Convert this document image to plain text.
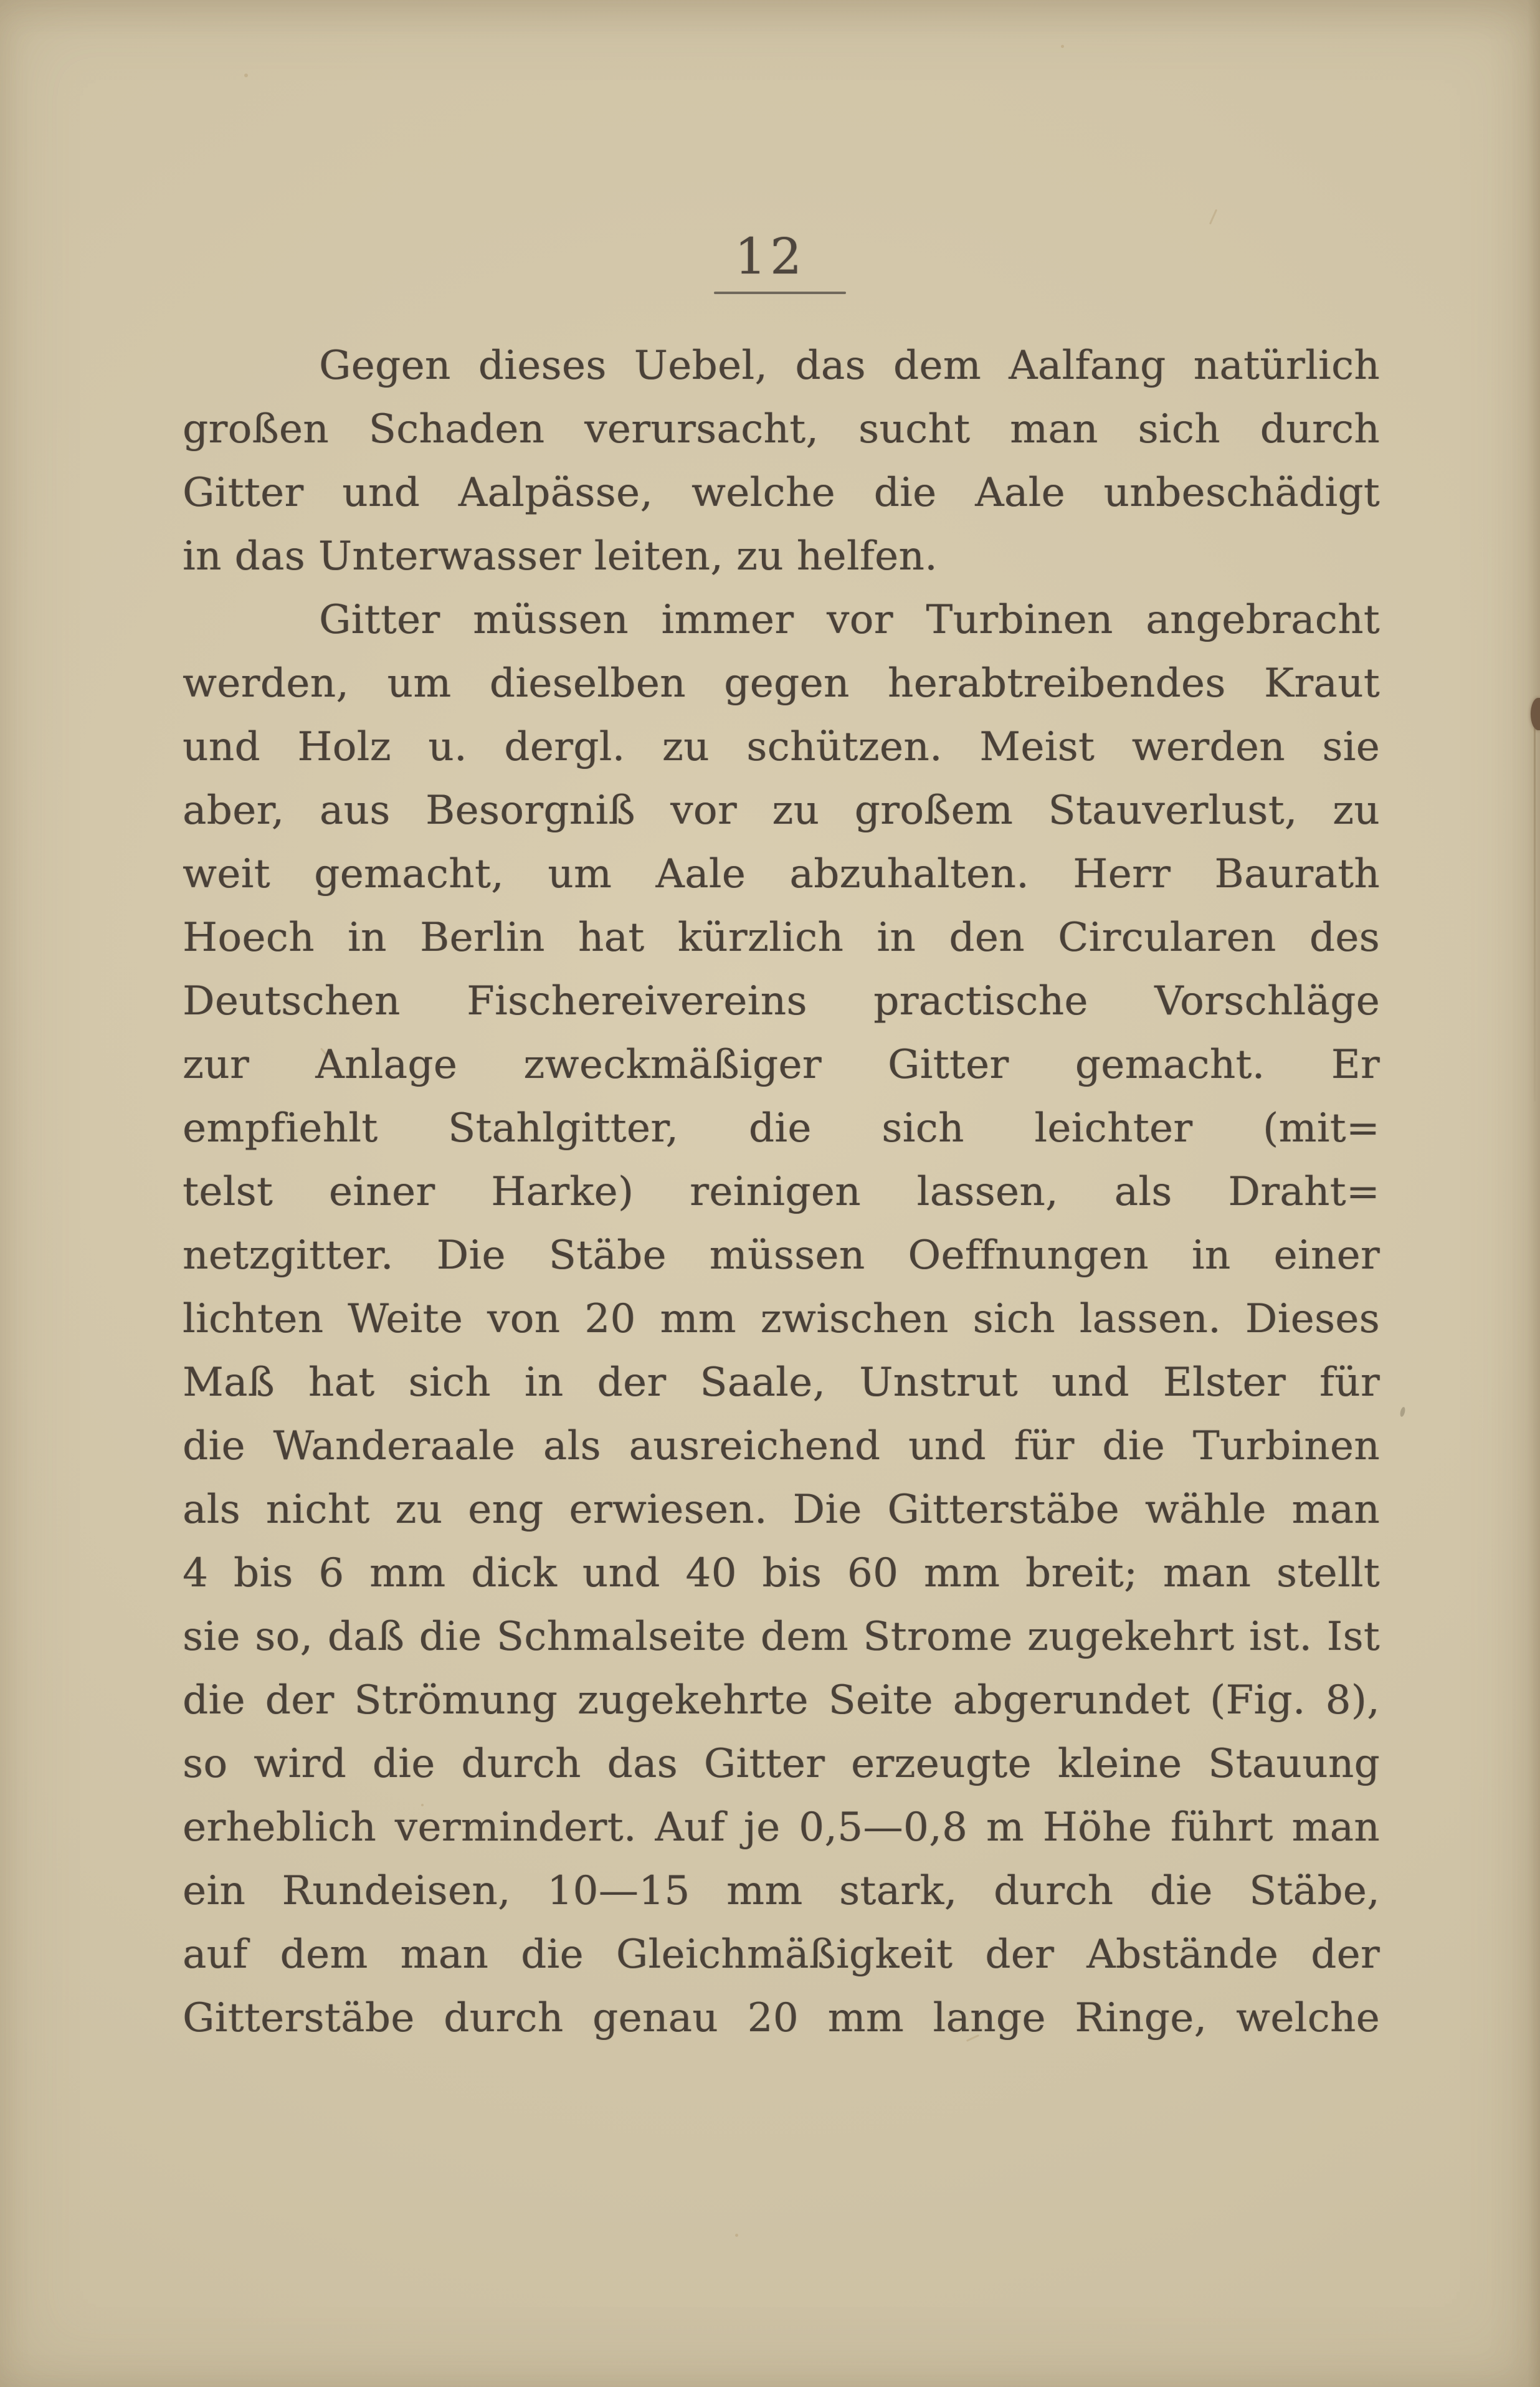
12
Gegen dieses Uebel, das dem Aalfang natürlich
großen Schaden verursacht, sucht man sich durch
Gitter und Aalpässe, welche die Aale unbeschädigt
in das Unterwasser leiten, zu helfen.
Gitter müssen immer vor Turbinen angebracht
werden, um dieselben gegen herabtreibendes Kraut
und Holz u. dergl. zu schützen. Meist werden sie
aber, aus Besorgniß vor zu großem Stauverlust, zu
weit gemacht, um Aale abzuhalten. Herr Baurath
Hoech in Berlin hat kürzlich in den Circularen des
Deutschen Fischereivereins practische Vorschläge
zur Anlage zweckmäßiger Gitter gemacht. Er
empfiehlt Stahlgitter, die sich leichter (mit=
telst einer Harke) reinigen lassen, als Draht=
netzgitter. Die Stäbe müssen Oeffnungen in einer
lichten Weite von 20 mm zwischen sich lassen. Dieses
Maß hat sich in der Saale, Unstrut und Elster für
die Wanderaale als ausreichend und für die Turbinen
als nicht zu eng erwiesen. Die Gitterstäbe wähle man
4 bis 6 mm dick und 40 bis 60 mm breit; man stellt
sie so, daß die Schmalseite dem Strome zugekehrt ist. Ist
die der Strömung zugekehrte Seite abgerundet (Fig. 8),
so wird die durch das Gitter erzeugte kleine Stauung
erheblich vermindert. Auf je 0,5—0,8 m Höhe führt man
ein Rundeisen, 10—15 mm stark, durch die Stäbe,
auf dem man die Gleichmäßigkeit der Abstände der
Gitterstäbe durch genau 20 mm lange Ringe, welche
